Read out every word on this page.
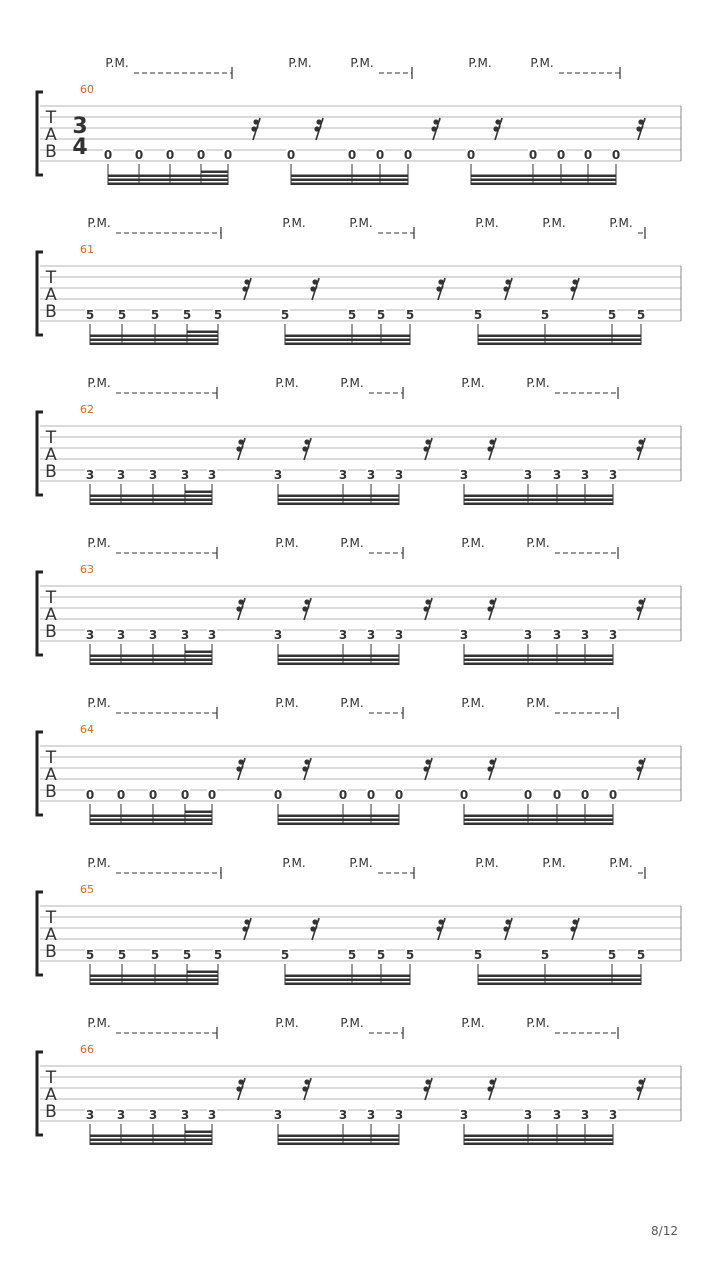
P.M.	P.M.	P.M.	P.M.	P.M.
60
T
A
B
3
4 0 0 0 0 0	0	0 0 0	0	0 0 0 0
P.M.	P.M.	P.M.	P.M.	P.M.	P.M.
61
T
A
B 5 5 5 5 5	5	5 5 5	5	5	5 5
P.M.	P.M.	P.M.	P.M.	P.M.
62
T
A
B 3 3 3 3 3	3	3 3 3	3	3 3 3 3
P.M.	P.M.	P.M.	P.M.	P.M.
63
T
A
B 3 3 3 3 3	3	3 3 3	3	3 3 3 3
P.M.	P.M.	P.M.	P.M.	P.M.
64
T
A
B 0 0 0 0 0	0	0 0 0	0	0 0 0 0
P.M.	P.M.	P.M.	P.M.	P.M.	P.M.
65
T
A
B 5 5 5 5 5	5	5 5 5	5	5	5 5
P.M.	P.M.	P.M.	P.M.	P.M.
66
T
A
B 3 3 3 3 3	3	3 3 3	3	3 3 3 3
8/12
